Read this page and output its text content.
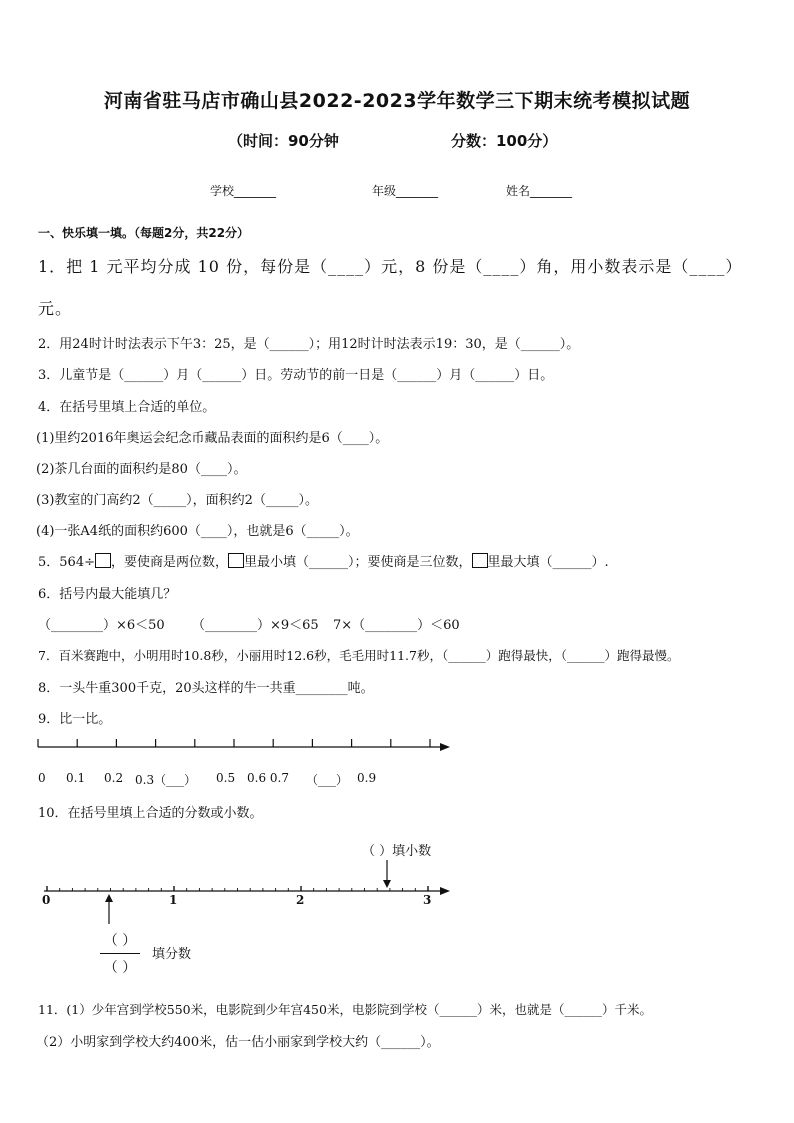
河南省驻马店市确山县2022-2023学年数学三下期末统考模拟试题
（时间：90分钟	分数：100分）
学校_______	年级_______	姓名_______
一、快乐填一填。（每题2分，共22分）
1．把 1 元平均分成 10 份，每份是（____）元，8 份是（____）角，用小数表示是（____）
元。
2．用24时计时法表示下午3：25，是（______）；用12时计时法表示19：30，是（______）。
3．儿童节是（______）月（______）日。劳动节的前一日是（______）月（______）日。
4．在括号里填上合适的单位。
(1)里约2016年奥运会纪念币藏品表面的面积约是6（____）。
(2)茶几台面的面积约是80（____）。
(3)教室的门高约2（_____），面积约2（_____）。
(4)一张A4纸的面积约600（____），也就是6（_____）。
5．564÷ ，要使商是两位数， 里最小填（______）；要使商是三位数， 里最大填（______）.
6．括号内最大能填几？
（________）×6＜50 （________）×9＜65 7×（________）＜60
7．百米赛跑中，小明用时10.8秒，小丽用时12.6秒，毛毛用时11.7秒，（______）跑得最快，（______）跑得最慢。
8．一头牛重300千克，20头这样的牛一共重________吨。
9．比一比。
0 0.1 0.2 0.3（___） 0.5 0.6 0.7 （___） 0.9
10．在括号里填上合适的分数或小数。
（ ）填小数
0	1	2	3
（ ）
（ ）
填分数
11．(1）少年宫到学校550米，电影院到少年宫450米，电影院到学校（______）米，也就是（______）千米。
（2）小明家到学校大约400米，估一估小丽家到学校大约（______）。
